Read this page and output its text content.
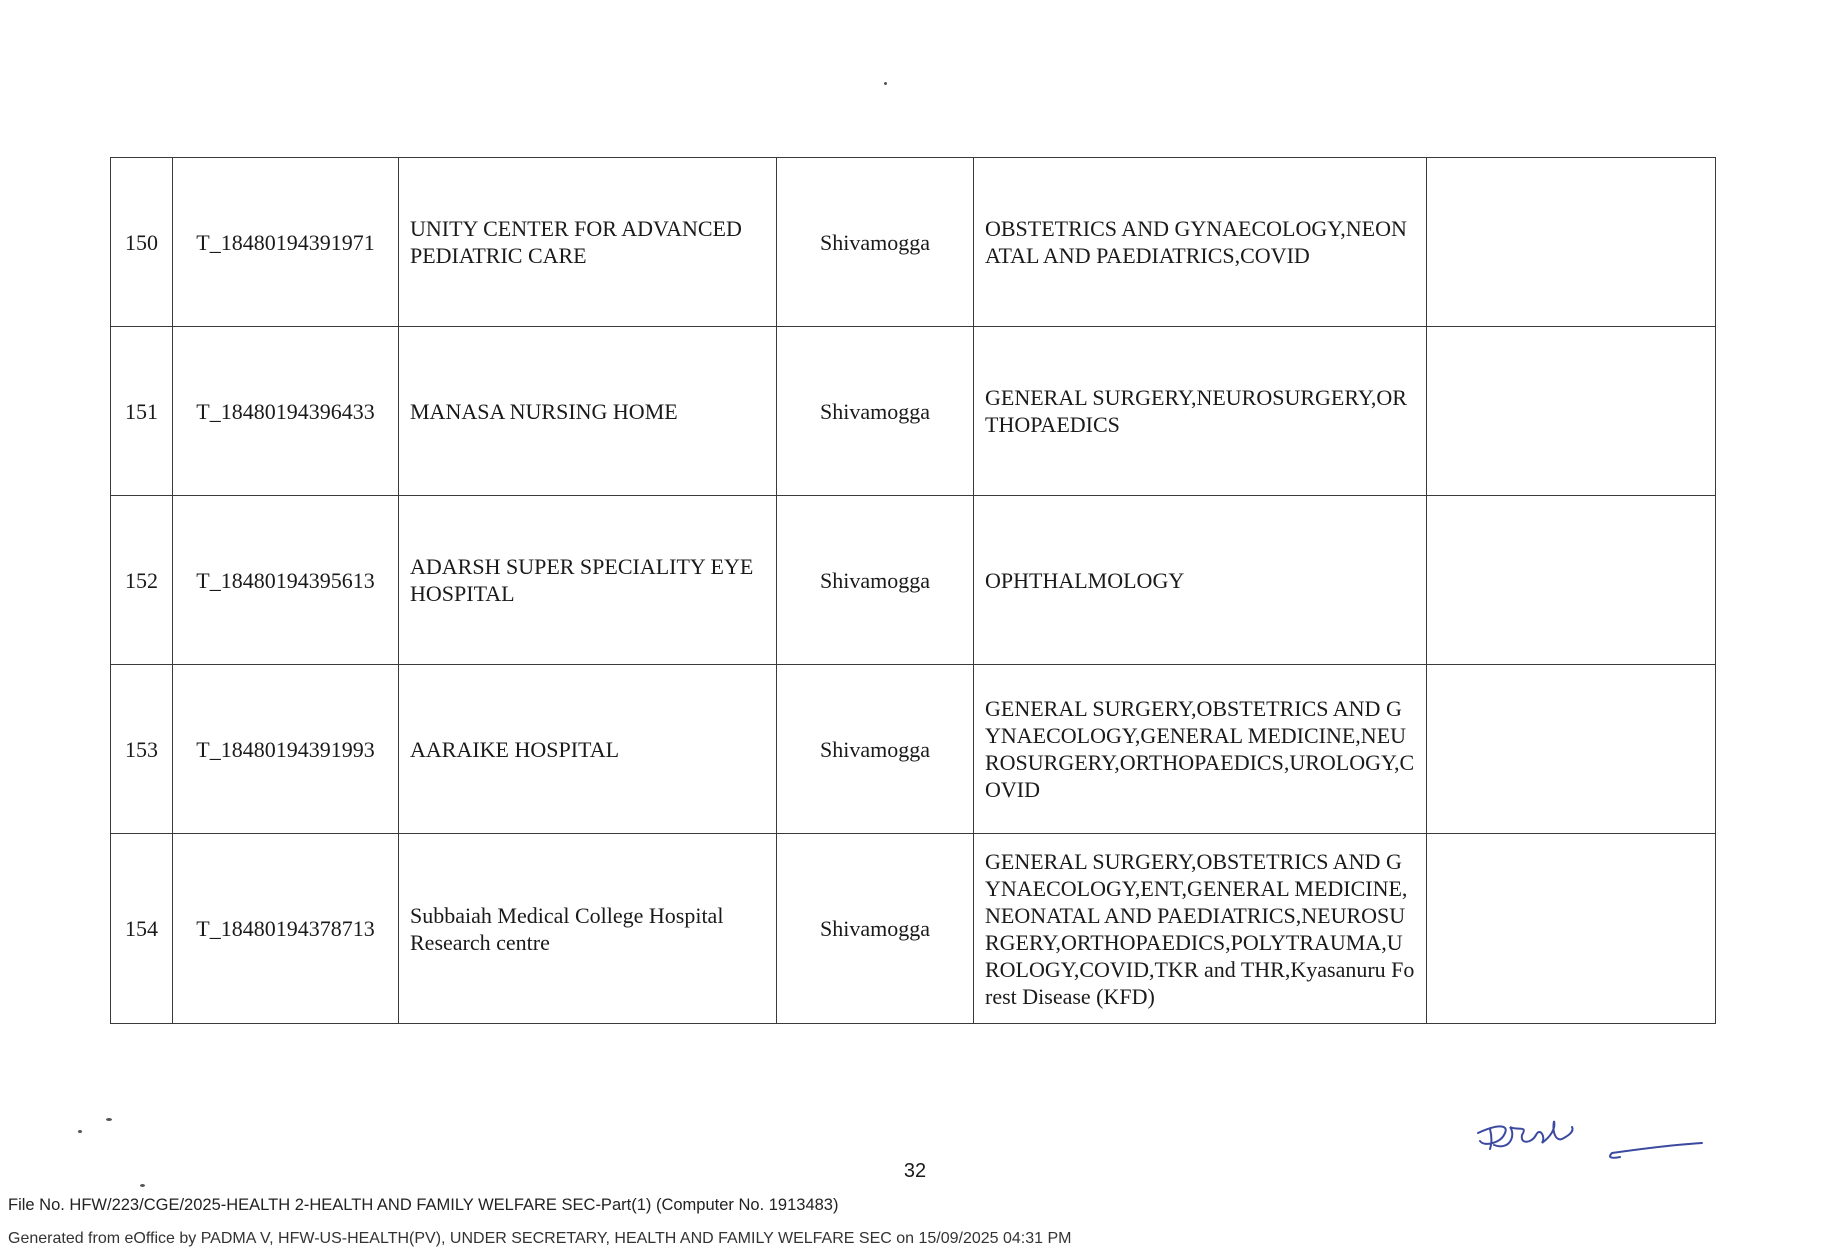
150	T_18480194391971	UNITY CENTER FOR ADVANCED PEDIATRIC CARE	Shivamogga	OBSTETRICS AND GYNAECOLOGY,NEONATAL AND PAEDIATRICS,COVID	
151	T_18480194396433	MANASA NURSING HOME	Shivamogga	GENERAL SURGERY,NEUROSURGERY,ORTHOPAEDICS	
152	T_18480194395613	ADARSH SUPER SPECIALITY EYE HOSPITAL	Shivamogga	OPHTHALMOLOGY	
153	T_18480194391993	AARAIKE HOSPITAL	Shivamogga	GENERAL SURGERY,OBSTETRICS AND GYNAECOLOGY,GENERAL MEDICINE,NEUROSURGERY,ORTHOPAEDICS,UROLOGY,COVID	
154	T_18480194378713	Subbaiah Medical College Hospital Research centre	Shivamogga	GENERAL SURGERY,OBSTETRICS AND GYNAECOLOGY,ENT,GENERAL MEDICINE,NEONATAL AND PAEDIATRICS,NEUROSURGERY,ORTHOPAEDICS,POLYTRAUMA,UROLOGY,COVID,TKR and THR,Kyasanuru Forest Disease (KFD)	
32
File No. HFW/223/CGE/2025-HEALTH 2-HEALTH AND FAMILY WELFARE SEC-Part(1) (Computer No. 1913483)
Generated from eOffice by PADMA V, HFW-US-HEALTH(PV), UNDER SECRETARY, HEALTH AND FAMILY WELFARE SEC on 15/09/2025 04:31 PM
